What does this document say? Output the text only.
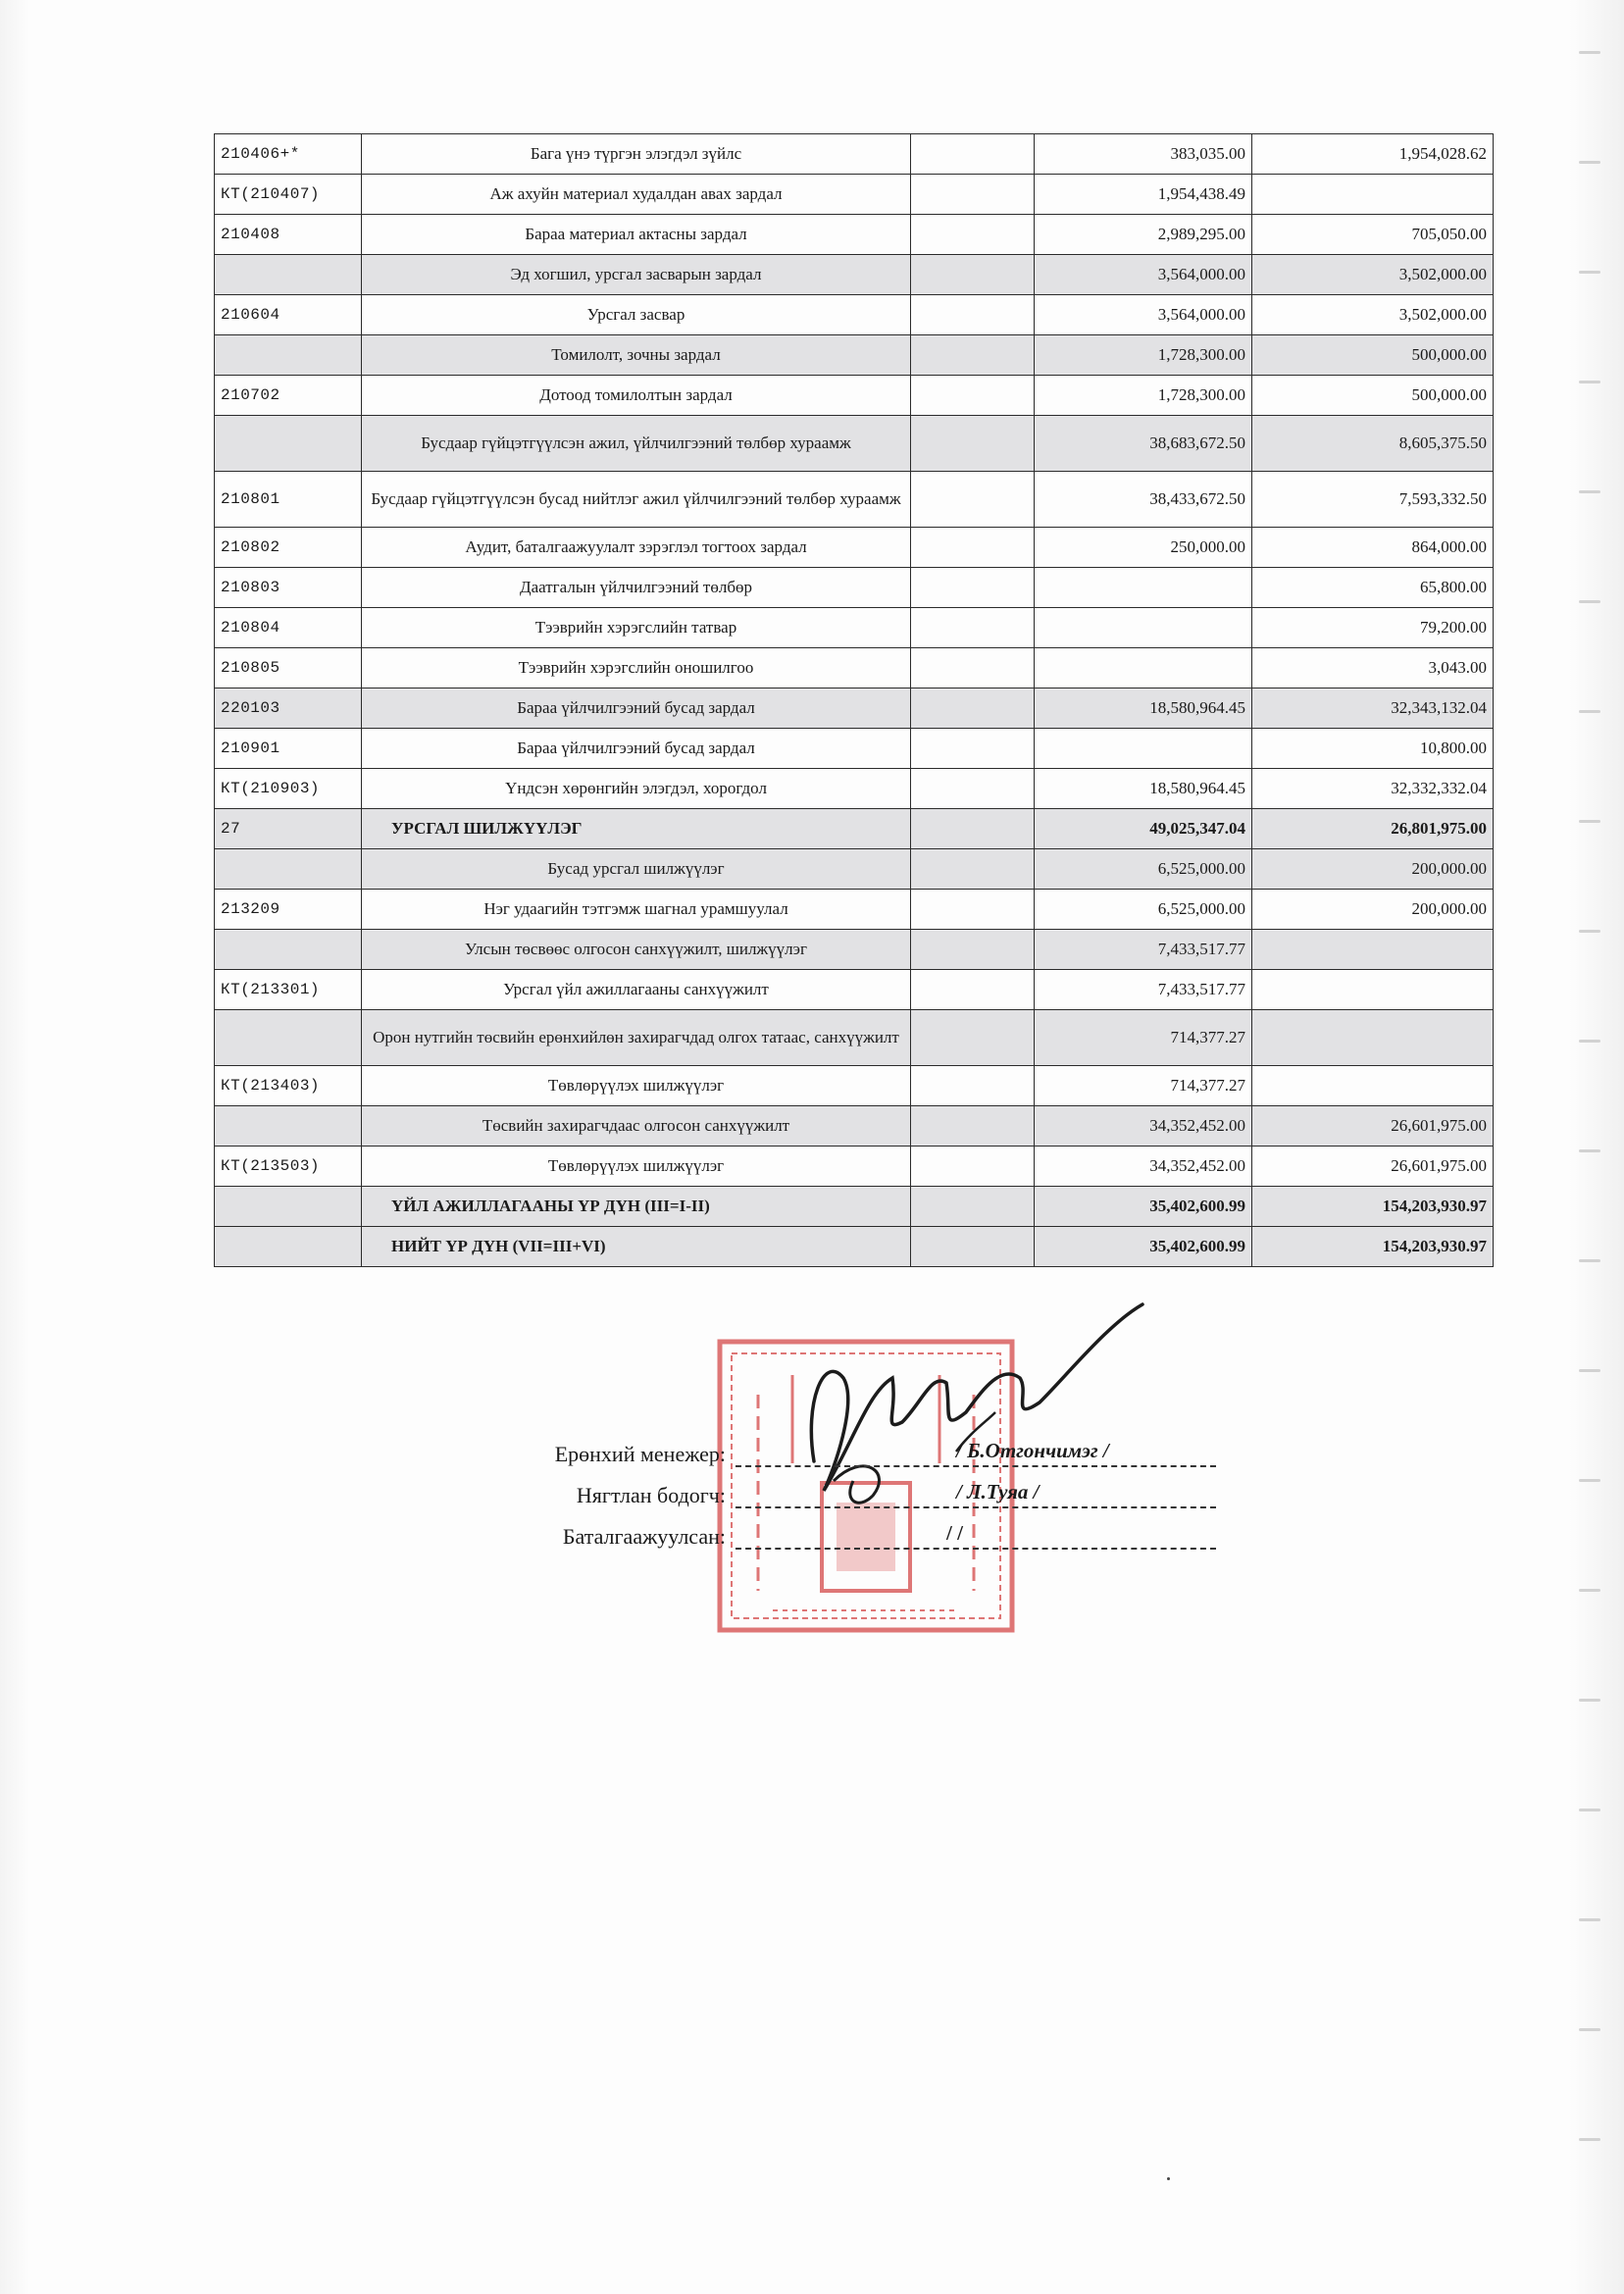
210406+*	Бага үнэ түргэн элэгдэл зүйлс		383,035.00	1,954,028.62
КТ(210407)	Аж ахуйн материал худалдан авах зардал		1,954,438.49	
210408	Бараа материал актасны зардал		2,989,295.00	705,050.00
	Эд хогшил, урсгал засварын зардал		3,564,000.00	3,502,000.00
210604	Урсгал засвар		3,564,000.00	3,502,000.00
	Томилолт, зочны зардал		1,728,300.00	500,000.00
210702	Дотоод томилолтын зардал		1,728,300.00	500,000.00
	Бусдаар гүйцэтгүүлсэн ажил, үйлчилгээний төлбөр хураамж		38,683,672.50	8,605,375.50
210801	Бусдаар гүйцэтгүүлсэн бусад нийтлэг ажил үйлчилгээний төлбөр хураамж		38,433,672.50	7,593,332.50
210802	Аудит, баталгаажуулалт зэрэглэл тогтоох зардал		250,000.00	864,000.00
210803	Даатгалын үйлчилгээний төлбөр			65,800.00
210804	Тээврийн хэрэгслийн татвар			79,200.00
210805	Тээврийн хэрэгслийн оношилгоо			3,043.00
220103	Бараа үйлчилгээний бусад зардал		18,580,964.45	32,343,132.04
210901	Бараа үйлчилгээний бусад зардал			10,800.00
КТ(210903)	Үндсэн хөрөнгийн элэгдэл, хорогдол		18,580,964.45	32,332,332.04
27	УРСГАЛ ШИЛЖҮҮЛЭГ		49,025,347.04	26,801,975.00
	Бусад урсгал шилжүүлэг		6,525,000.00	200,000.00
213209	Нэг удаагийн тэтгэмж шагнал урамшуулал		6,525,000.00	200,000.00
	Улсын төсвөөс олгосон санхүүжилт, шилжүүлэг		7,433,517.77	
КТ(213301)	Урсгал үйл ажиллагааны санхүүжилт		7,433,517.77	
	Орон нутгийн төсвийн ерөнхийлөн захирагчдад олгох татаас, санхүүжилт		714,377.27	
КТ(213403)	Төвлөрүүлэх шилжүүлэг		714,377.27	
	Төсвийн захирагчдаас олгосон санхүүжилт		34,352,452.00	26,601,975.00
КТ(213503)	Төвлөрүүлэх шилжүүлэг		34,352,452.00	26,601,975.00
	ҮЙЛ АЖИЛЛАГААНЫ ҮР ДҮН (III=I-II)		35,402,600.99	154,203,930.97
	НИЙТ ҮР ДҮН (VII=III+VI)		35,402,600.99	154,203,930.97
Ерөнхий менежер:	/ Б.Отгончимэг /
Нягтлан бодогч:	/ Л.Туяа /
Баталгаажуулсан:	/ /
